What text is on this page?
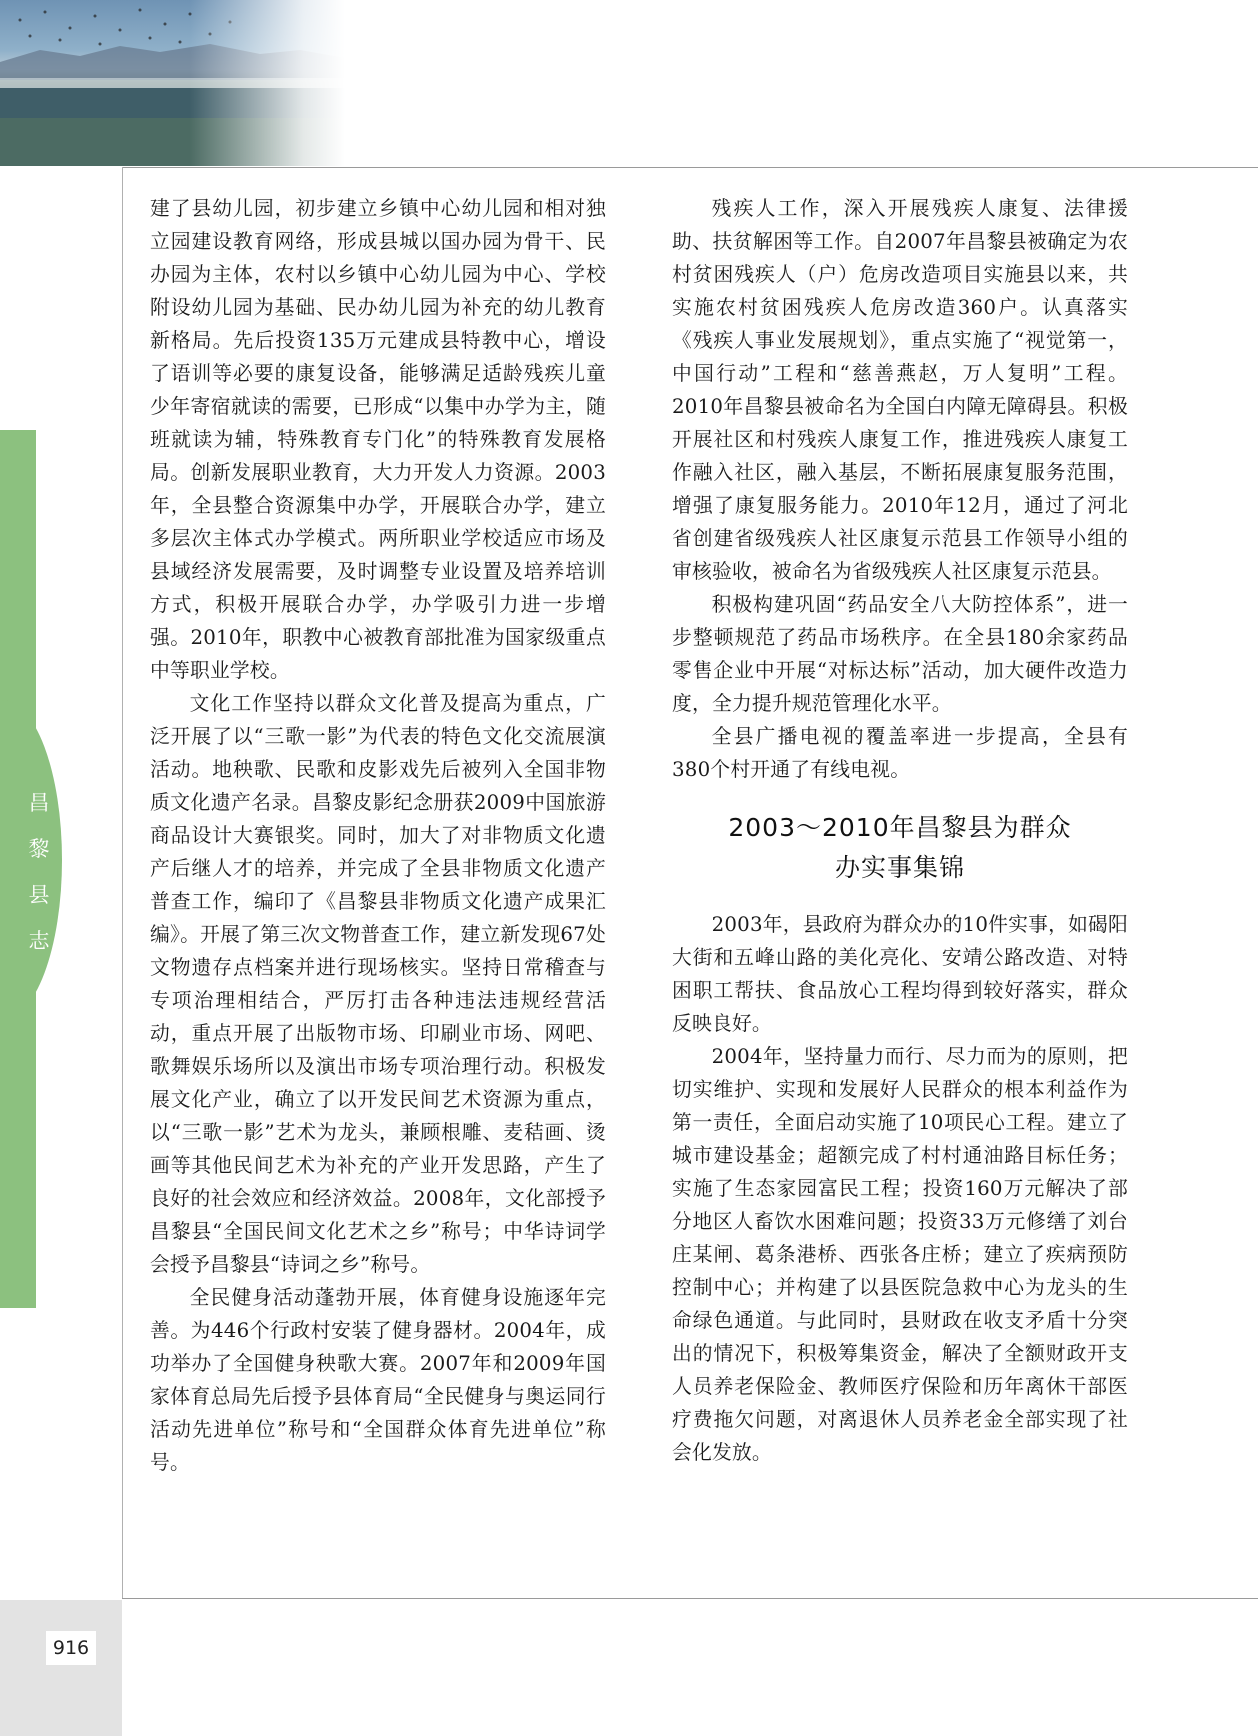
昌
黎
县
志

建了县幼儿园，初步建立乡镇中心幼儿园和相对独立园建设教育网络，形成县城以国办园为骨干、民办园为主体，农村以乡镇中心幼儿园为中心、学校附设幼儿园为基础、民办幼儿园为补充的幼儿教育新格局。先后投资135万元建成县特教中心，增设了语训等必要的康复设备，能够满足适龄残疾儿童少年寄宿就读的需要，已形成“以集中办学为主，随班就读为辅，特殊教育专门化”的特殊教育发展格局。创新发展职业教育，大力开发人力资源。2003年，全县整合资源集中办学，开展联合办学，建立多层次主体式办学模式。两所职业学校适应市场及县域经济发展需要，及时调整专业设置及培养培训方式，积极开展联合办学，办学吸引力进一步增强。2010年，职教中心被教育部批准为国家级重点中等职业学校。

文化工作坚持以群众文化普及提高为重点，广泛开展了以“三歌一影”为代表的特色文化交流展演活动。地秧歌、民歌和皮影戏先后被列入全国非物质文化遗产名录。昌黎皮影纪念册获2009中国旅游商品设计大赛银奖。同时，加大了对非物质文化遗产后继人才的培养，并完成了全县非物质文化遗产普查工作，编印了《昌黎县非物质文化遗产成果汇编》。开展了第三次文物普查工作，建立新发现67处文物遗存点档案并进行现场核实。坚持日常稽查与专项治理相结合，严厉打击各种违法违规经营活动，重点开展了出版物市场、印刷业市场、网吧、歌舞娱乐场所以及演出市场专项治理行动。积极发展文化产业，确立了以开发民间艺术资源为重点，以“三歌一影”艺术为龙头，兼顾根雕、麦秸画、烫画等其他民间艺术为补充的产业开发思路，产生了良好的社会效应和经济效益。2008年，文化部授予昌黎县“全国民间文化艺术之乡”称号；中华诗词学会授予昌黎县“诗词之乡”称号。

全民健身活动蓬勃开展，体育健身设施逐年完善。为446个行政村安装了健身器材。2004年，成功举办了全国健身秧歌大赛。2007年和2009年国家体育总局先后授予县体育局“全民健身与奥运同行活动先进单位”称号和“全国群众体育先进单位”称号。

残疾人工作，深入开展残疾人康复、法律援助、扶贫解困等工作。自2007年昌黎县被确定为农村贫困残疾人（户）危房改造项目实施县以来，共实施农村贫困残疾人危房改造360户。认真落实《残疾人事业发展规划》，重点实施了“视觉第一，中国行动”工程和“慈善燕赵，万人复明”工程。2010年昌黎县被命名为全国白内障无障碍县。积极开展社区和村残疾人康复工作，推进残疾人康复工作融入社区，融入基层，不断拓展康复服务范围，增强了康复服务能力。2010年12月，通过了河北省创建省级残疾人社区康复示范县工作领导小组的审核验收，被命名为省级残疾人社区康复示范县。

积极构建巩固“药品安全八大防控体系”，进一步整顿规范了药品市场秩序。在全县180余家药品零售企业中开展“对标达标”活动，加大硬件改造力度，全力提升规范管理化水平。

全县广播电视的覆盖率进一步提高，全县有380个村开通了有线电视。

2003～2010年昌黎县为群众
办实事集锦

2003年，县政府为群众办的10件实事，如碣阳大街和五峰山路的美化亮化、安靖公路改造、对特困职工帮扶、食品放心工程均得到较好落实，群众反映良好。

2004年，坚持量力而行、尽力而为的原则，把切实维护、实现和发展好人民群众的根本利益作为第一责任，全面启动实施了10项民心工程。建立了城市建设基金；超额完成了村村通油路目标任务；实施了生态家园富民工程；投资160万元解决了部分地区人畜饮水困难问题；投资33万元修缮了刘台庄某闸、葛条港桥、西张各庄桥；建立了疾病预防控制中心；并构建了以县医院急救中心为龙头的生命绿色通道。与此同时，县财政在收支矛盾十分突出的情况下，积极筹集资金，解决了全额财政开支人员养老保险金、教师医疗保险和历年离休干部医疗费拖欠问题，对离退休人员养老金全部实现了社会化发放。

916
